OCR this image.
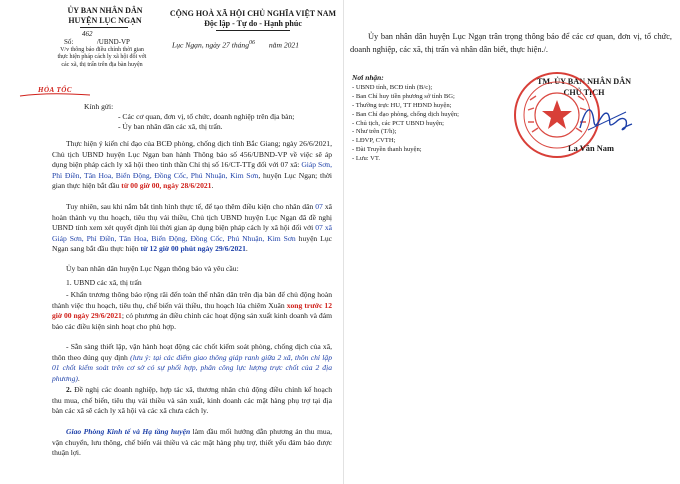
ỦY BAN NHÂN DÂN
HUYỆN LỤC NGẠN
462
Số:	/UBND-VP
V/v thông báo điều chỉnh thời gian thực hiện pháp cách ly xã hội đối với các xã, thị trấn trên địa bàn huyện
CỘNG HOÀ XÃ HỘI CHỦ NGHĨA VIỆT NAM
Độc lập - Tự do - Hạnh phúc
Lục Ngạn, ngày 27 tháng$^{06}$ năm 2021
HỎA TỐC
Kính gửi:
- Các cơ quan, đơn vị, tổ chức, doanh nghiệp trên địa bàn;
- Ủy ban nhân dân các xã, thị trấn.
Thực hiện ý kiến chỉ đạo của BCĐ phòng, chống dịch tỉnh Bắc Giang; ngày 26/6/2021, Chủ tịch UBND huyện Lục Ngạn ban hành Thông báo số 456/UBND-VP về việc sẽ áp dụng biện pháp cách ly xã hội theo tinh thần Chỉ thị số 16/CT-TTg đối với 07 xã: Giáp Sơn, Phì Điền, Tân Hoa, Biển Động, Đồng Cốc, Phú Nhuận, Kim Sơn, huyện Lục Ngạn; thời gian thực hiện bắt đầu từ 00 giờ 00, ngày 28/6/2021.
Tuy nhiên, sau khi nắm bắt tình hình thực tế, để tạo thêm điều kiện cho nhân dân 07 xã hoàn thành vụ thu hoạch, tiêu thụ vải thiều, Chủ tịch UBND huyện Lục Ngạn đã đề nghị UBND tỉnh xem xét quyết định lùi thời gian áp dụng biện pháp cách ly xã hội đối với 07 xã Giáp Sơn, Phì Điền, Tân Hoa, Biển Động, Đồng Cốc, Phú Nhuận, Kim Sơn huyện Lục Ngạn sang bắt đầu thực hiện từ 12 giờ 00 phút ngày 29/6/2021.
Ủy ban nhân dân huyện Lục Ngạn thông báo và yêu cầu:
1. UBND các xã, thị trấn
- Khẩn trương thông báo rộng rãi đến toàn thể nhân dân trên địa bàn để chủ động hoàn thành việc thu hoạch, tiêu thụ, chế biến vải thiều, thu hoạch lúa chiêm Xuân xong trước 12 giờ 00 ngày 29/6/2021; có phương án điều chỉnh các hoạt động sản xuất kinh doanh và đảm bảo các điều kiện sinh hoạt cho phù hợp.
- Sẵn sàng thiết lập, vận hành hoạt động các chốt kiểm soát phòng, chống dịch của xã, thôn theo đúng quy định (lưu ý: tại các điểm giao thông giáp ranh giữa 2 xã, thôn chỉ lập 01 chốt kiểm soát trên cơ sở có sự phối hợp, phân công lực lượng trực chốt của 2 địa phương).
2. Đề nghị các doanh nghiệp, hợp tác xã, thương nhân chủ động điều chỉnh kế hoạch thu mua, chế biến, tiêu thụ vải thiều và sản xuất, kinh doanh các mặt hàng phụ trợ tại địa bàn các xã sẽ cách ly xã hội và các xã chưa cách ly.
Giao Phòng Kinh tế và Hạ tầng huyện làm đầu mối hướng dẫn phương án thu mua, vận chuyển, lưu thông, chế biến vải thiều và các mặt hàng phụ trợ, thiết yếu đảm bảo được thuận lợi.
Ủy ban nhân dân huyện Lục Ngạn trân trọng thông báo để các cơ quan, đơn vị, tổ chức, doanh nghiệp, các xã, thị trấn và nhân dân biết, thực hiện./.
Nơi nhận:
- UBND tỉnh, BCĐ tỉnh (B/c);
- Ban Chỉ huy tiền phương sở tỉnh BG;
- Thường trực HU, TT HĐND huyện;
- Ban Chỉ đạo phòng, chống dịch huyện;
- Chủ tịch, các PCT UBND huyện;
- Như trên (T/h);
- LĐVP, CVTH;
- Đài Truyền thanh huyện;
- Lưu: VT.
TM. ỦY BAN NHÂN DÂN
CHỦ TỊCH
La Văn Nam
